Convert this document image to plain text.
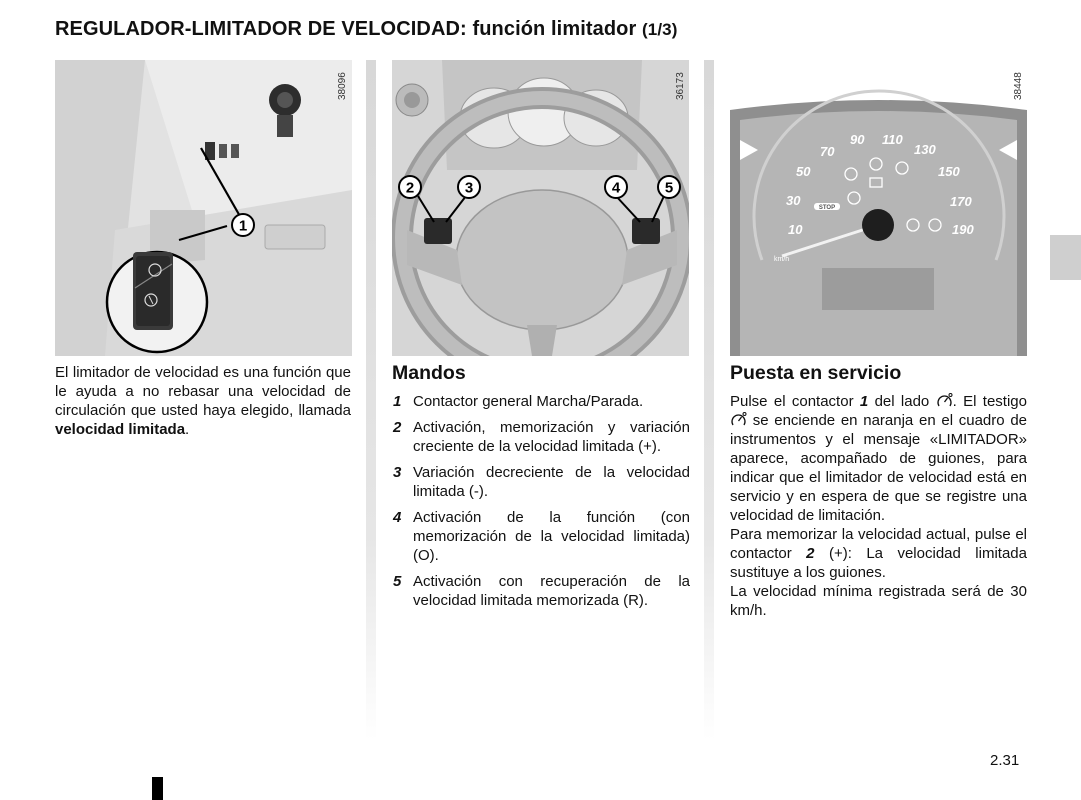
REGULADOR-LIMITADOR DE VELOCIDAD: función limitador (1/3)
1
38096
2	3	4	5
36173
STOP
10
30
50
70
90 110
130
150
170
190
km/h
38448

El limitador de velocidad es una función que le ayuda a no rebasar una velocidad de circulación que usted haya elegido, llamada velocidad limitada.

Mandos
1 Contactor general Marcha/Parada.
2 Activación, memorización y variación creciente de la velocidad limitada (+).
3 Variación decreciente de la velocidad limitada (-).
4 Activación de la función (con memorización de la velocidad limitada) (O).
5 Activación con recuperación de la velocidad limitada memorizada (R).
Puesta en servicio

Pulse el contactor 1 del lado . El testigo  se enciende en naranja en el cuadro de instrumentos y el mensaje «LIMITADOR» aparece, acompañado de guiones, para indicar que el limitador de velocidad está en servicio y en espera de que se registre una velocidad de limitación.

Para memorizar la velocidad actual, pulse el contactor 2 (+): La velocidad limitada sustituye a los guiones.

La velocidad mínima registrada será de 30 km/h.

2.31
